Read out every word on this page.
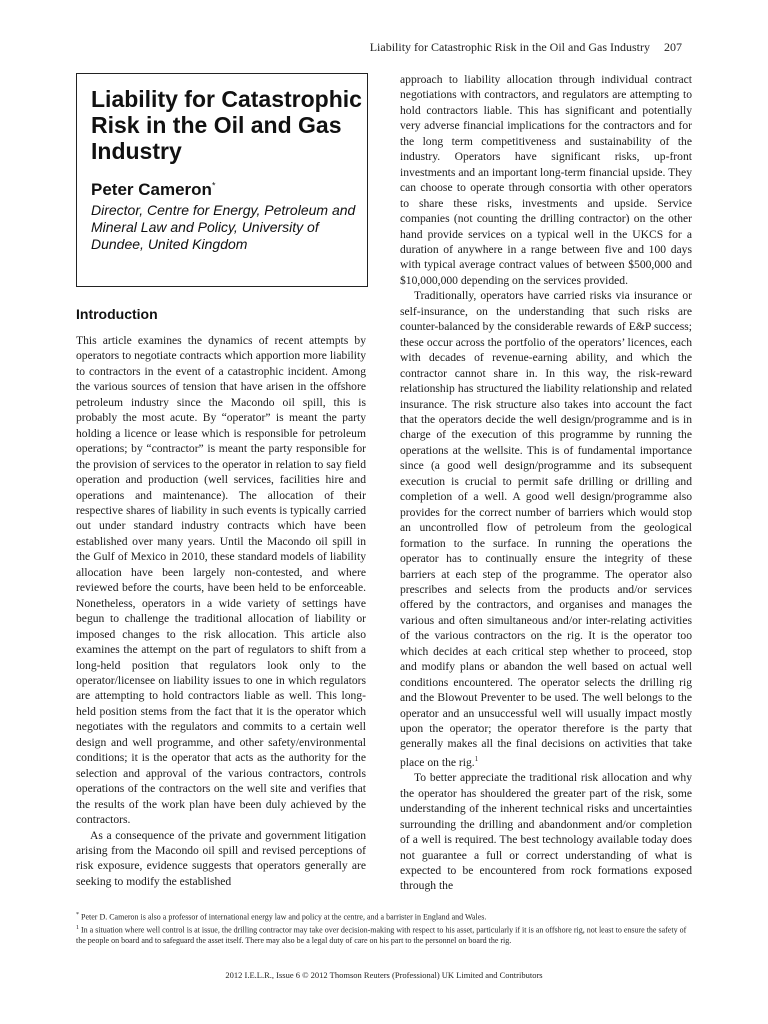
Liability for Catastrophic Risk in the Oil and Gas Industry 207
Liability for Catastrophic Risk in the Oil and Gas Industry
Peter Cameron*
Director, Centre for Energy, Petroleum and Mineral Law and Policy, University of Dundee, United Kingdom
Introduction

This article examines the dynamics of recent attempts by operators to negotiate contracts which apportion more liability to contractors in the event of a catastrophic incident. Among the various sources of tension that have arisen in the offshore petroleum industry since the Macondo oil spill, this is probably the most acute. By “operator” is meant the party holding a licence or lease which is responsible for petroleum operations; by “contractor” is meant the party responsible for the provision of services to the operator in relation to say field operation and production (well services, facilities hire and operations and maintenance). The allocation of their respective shares of liability in such events is typically carried out under standard industry contracts which have been established over many years. Until the Macondo oil spill in the Gulf of Mexico in 2010, these standard models of liability allocation have been largely non-contested, and where reviewed before the courts, have been held to be enforceable. Nonetheless, operators in a wide variety of settings have begun to challenge the traditional allocation of liability or imposed changes to the risk allocation. This article also examines the attempt on the part of regulators to shift from a long-held position that regulators look only to the operator/licensee on liability issues to one in which regulators are attempting to hold contractors liable as well. This long-held position stems from the fact that it is the operator which negotiates with the regulators and commits to a certain well design and well programme, and other safety/environmental conditions; it is the operator that acts as the authority for the selection and approval of the various contractors, controls operations of the contractors on the well site and verifies that the results of the work plan have been duly achieved by the contractors.

As a consequence of the private and government litigation arising from the Macondo oil spill and revised perceptions of risk exposure, evidence suggests that operators generally are seeking to modify the established

approach to liability allocation through individual contract negotiations with contractors, and regulators are attempting to hold contractors liable. This has significant and potentially very adverse financial implications for the contractors and for the long term competitiveness and sustainability of the industry. Operators have significant risks, up-front investments and an important long-term financial upside. They can choose to operate through consortia with other operators to share these risks, investments and upside. Service companies (not counting the drilling contractor) on the other hand provide services on a typical well in the UKCS for a duration of anywhere in a range between five and 100 days with typical average contract values of between $500,000 and $10,000,000 depending on the services provided.

Traditionally, operators have carried risks via insurance or self-insurance, on the understanding that such risks are counter-balanced by the considerable rewards of E&P success; these occur across the portfolio of the operators’ licences, each with decades of revenue-earning ability, and which the contractor cannot share in. In this way, the risk-reward relationship has structured the liability relationship and related insurance. The risk structure also takes into account the fact that the operators decide the well design/programme and is in charge of the execution of this programme by running the operations at the wellsite. This is of fundamental importance since (a good well design/programme and its subsequent execution is crucial to permit safe drilling or drilling and completion of a well. A good well design/programme also provides for the correct number of barriers which would stop an uncontrolled flow of petroleum from the geological formation to the surface. In running the operations the operator has to continually ensure the integrity of these barriers at each step of the programme. The operator also prescribes and selects from the products and/or services offered by the contractors, and organises and manages the various and often simultaneous and/or inter-relating activities of the various contractors on the rig. It is the operator too which decides at each critical step whether to proceed, stop and modify plans or abandon the well based on actual well conditions encountered. The operator selects the drilling rig and the Blowout Preventer to be used. The well belongs to the operator and an unsuccessful well will usually impact mostly upon the operator; the operator therefore is the party that generally makes all the final decisions on activities that take place on the rig.$^1$

To better appreciate the traditional risk allocation and why the operator has shouldered the greater part of the risk, some understanding of the inherent technical risks and uncertainties surrounding the drilling and abandonment and/or completion of a well is required. The best technology available today does not guarantee a full or correct understanding of what is expected to be encountered from rock formations exposed through the

* Peter D. Cameron is also a professor of international energy law and policy at the centre, and a barrister in England and Wales.

$^1$ In a situation where well control is at issue, the drilling contractor may take over decision-making with respect to his asset, particularly if it is an offshore rig, not least to ensure the safety of the people on board and to safeguard the asset itself. There may also be a legal duty of care on his part to the personnel on board the rig.

2012 I.E.L.R., Issue 6 © 2012 Thomson Reuters (Professional) UK Limited and Contributors
